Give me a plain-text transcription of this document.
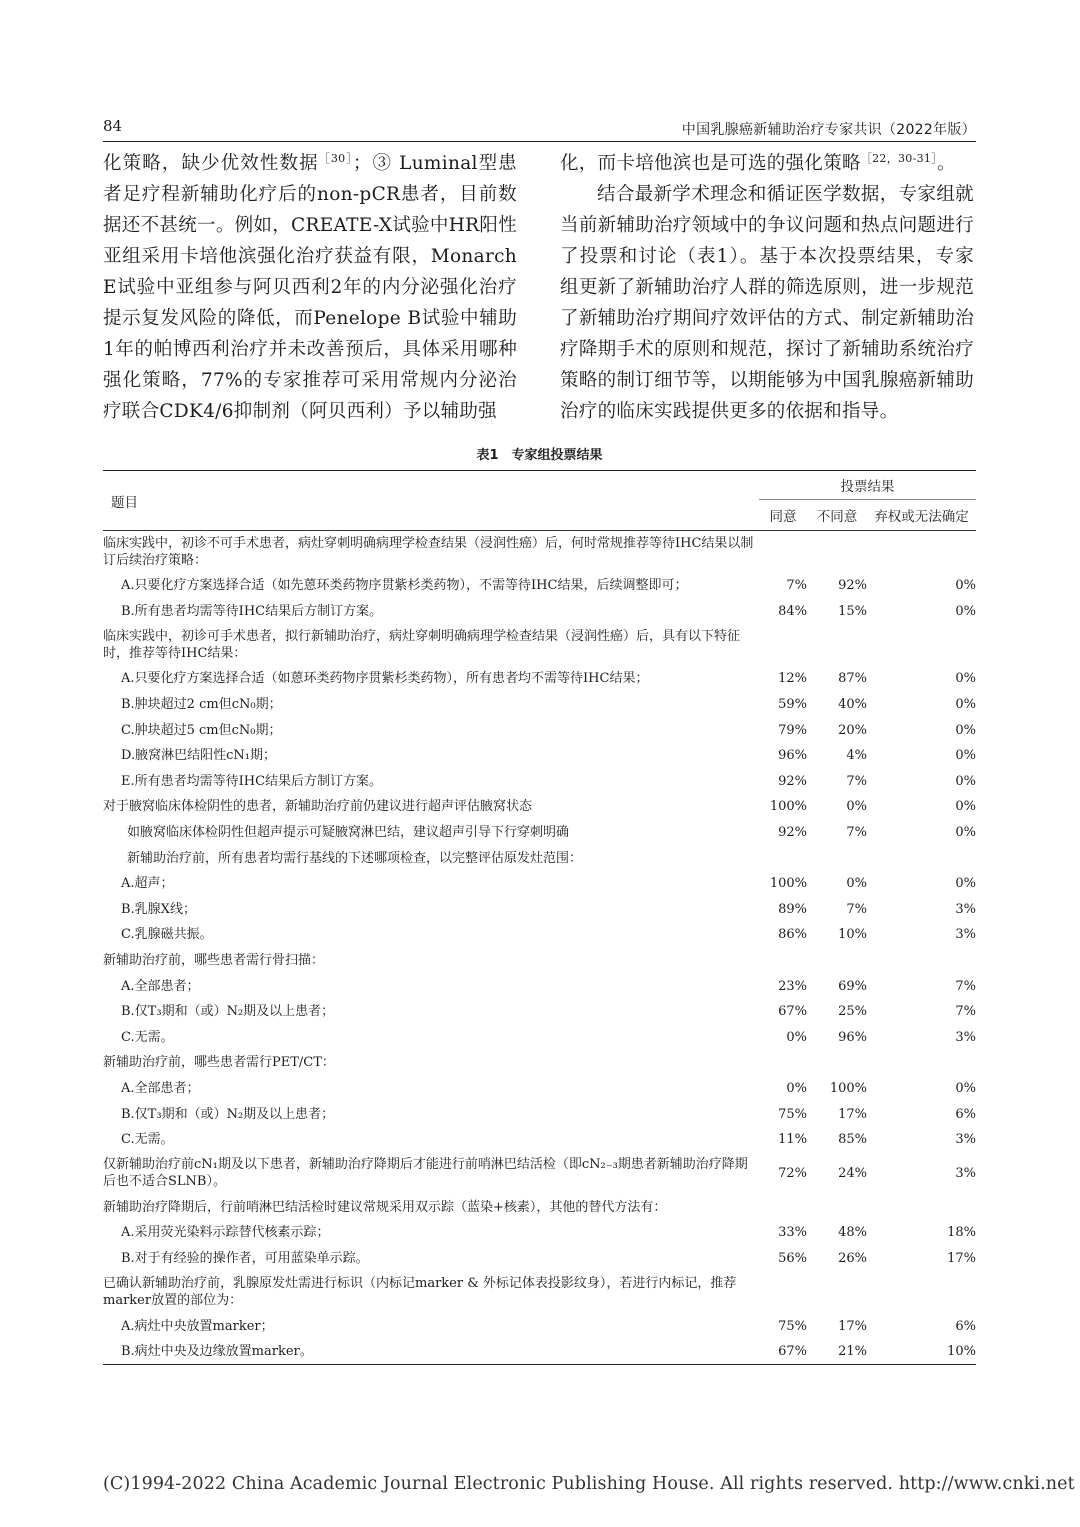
84	中国乳腺癌新辅助治疗专家共识（2022年版）

化策略，缺少优效性数据$^{[30]}$；③ Luminal型患者足疗程新辅助化疗后的non-pCR患者，目前数据还不甚统一。例如，CREATE-X试验中HR阳性亚组采用卡培他滨强化治疗获益有限，MonarchE试验中亚组参与阿贝西利2年的内分泌强化治疗提示复发风险的降低，而Penelope B试验中辅助1年的帕博西利治疗并未改善预后，具体采用哪种强化策略，77%的专家推荐可采用常规内分泌治疗联合CDK4/6抑制剂（阿贝西利）予以辅助强

化，而卡培他滨也是可选的强化策略$^{[22,30-31]}$。

结合最新学术理念和循证医学数据，专家组就当前新辅助治疗领域中的争议问题和热点问题进行了投票和讨论（表1）。基于本次投票结果，专家组更新了新辅助治疗人群的筛选原则，进一步规范了新辅助治疗期间疗效评估的方式、制定新辅助治疗降期手术的原则和规范，探讨了新辅助系统治疗策略的制订细节等，以期能够为中国乳腺癌新辅助治疗的临床实践提供更多的依据和指导。

表1　专家组投票结果
题目	投票结果		
	同意	不同意	弃权或无法确定
临床实践中，初诊不可手术患者，病灶穿刺明确病理学检查结果（浸润性癌）后，何时常规推荐等待IHC结果以制订后续治疗策略：			
A.只要化疗方案选择合适（如先蒽环类药物序贯紫杉类药物），不需等待IHC结果，后续调整即可；	7%	92%	0%
B.所有患者均需等待IHC结果后方制订方案。	84%	15%	0%
临床实践中，初诊可手术患者，拟行新辅助治疗，病灶穿刺明确病理学检查结果（浸润性癌）后，具有以下特征时，推荐等待IHC结果：			
A.只要化疗方案选择合适（如蒽环类药物序贯紫杉类药物），所有患者均不需等待IHC结果；	12%	87%	0%
B.肿块超过2 cm但cN₀期；	59%	40%	0%
C.肿块超过5 cm但cN₀期；	79%	20%	0%
D.腋窝淋巴结阳性cN₁期；	96%	4%	0%
E.所有患者均需等待IHC结果后方制订方案。	92%	7%	0%
对于腋窝临床体检阴性的患者，新辅助治疗前仍建议进行超声评估腋窝状态	100%	0%	0%
如腋窝临床体检阴性但超声提示可疑腋窝淋巴结，建议超声引导下行穿刺明确	92%	7%	0%
新辅助治疗前，所有患者均需行基线的下述哪项检查，以完整评估原发灶范围：			
A.超声；	100%	0%	0%
B.乳腺X线；	89%	7%	3%
C.乳腺磁共振。	86%	10%	3%
新辅助治疗前，哪些患者需行骨扫描：			
A.全部患者；	23%	69%	7%
B.仅T₃期和（或）N₂期及以上患者；	67%	25%	7%
C.无需。	0%	96%	3%
新辅助治疗前，哪些患者需行PET/CT：			
A.全部患者；	0%	100%	0%
B.仅T₃期和（或）N₂期及以上患者；	75%	17%	6%
C.无需。	11%	85%	3%
仅新辅助治疗前cN₁期及以下患者，新辅助治疗降期后才能进行前哨淋巴结活检（即cN₂₋₃期患者新辅助治疗降期后也不适合SLNB）。	72%	24%	3%
新辅助治疗降期后，行前哨淋巴结活检时建议常规采用双示踪（蓝染+核素），其他的替代方法有：			
A.采用荧光染料示踪替代核素示踪；	33%	48%	18%
B.对于有经验的操作者，可用蓝染单示踪。	56%	26%	17%
已确认新辅助治疗前，乳腺原发灶需进行标识（内标记marker & 外标记体表投影纹身），若进行内标记，推荐marker放置的部位为：			
A.病灶中央放置marker；	75%	17%	6%
B.病灶中央及边缘放置marker。	67%	21%	10%
(C)1994-2022 China Academic Journal Electronic Publishing House. All rights reserved. http://www.cnki.net
